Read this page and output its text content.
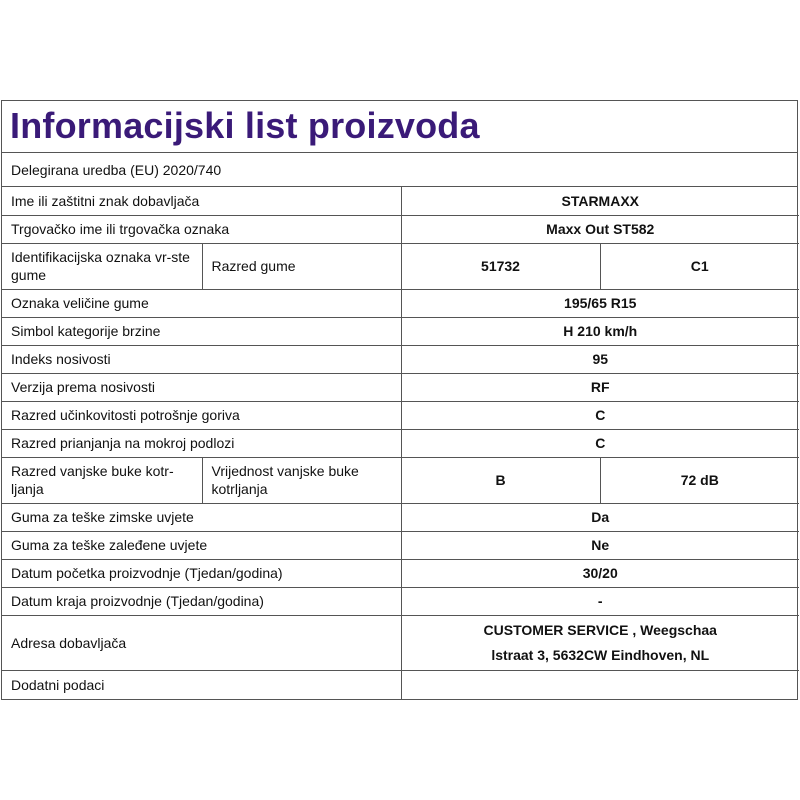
Informacijski list proizvoda
Delegirana uredba (EU) 2020/740
Ime ili zaštitni znak dobavljača		STARMAXX	
Trgovačko ime ili trgovačka oznaka		Maxx Out ST582	
Identifikacijska oznaka vr-ste gume	Razred gume	51732	C1
Oznaka veličine gume		195/65 R15	
Simbol kategorije brzine		H 210 km/h	
Indeks nosivosti		95	
Verzija prema nosivosti		RF	
Razred učinkovitosti potrošnje goriva		C	
Razred prianjanja na mokroj podlozi		C	
Razred vanjske buke kotr-ljanja	Vrijednost vanjske buke kotrljanja	B	72 dB
Guma za teške zimske uvjete		Da	
Guma za teške zaleđene uvjete		Ne	
Datum početka proizvodnje (Tjedan/godina)		30/20	
Datum kraja proizvodnje (Tjedan/godina)		-	
Adresa dobavljača		CUSTOMER SERVICE , Weegschaa lstraat 3, 5632CW Eindhoven, NL	
Dodatni podaci			
